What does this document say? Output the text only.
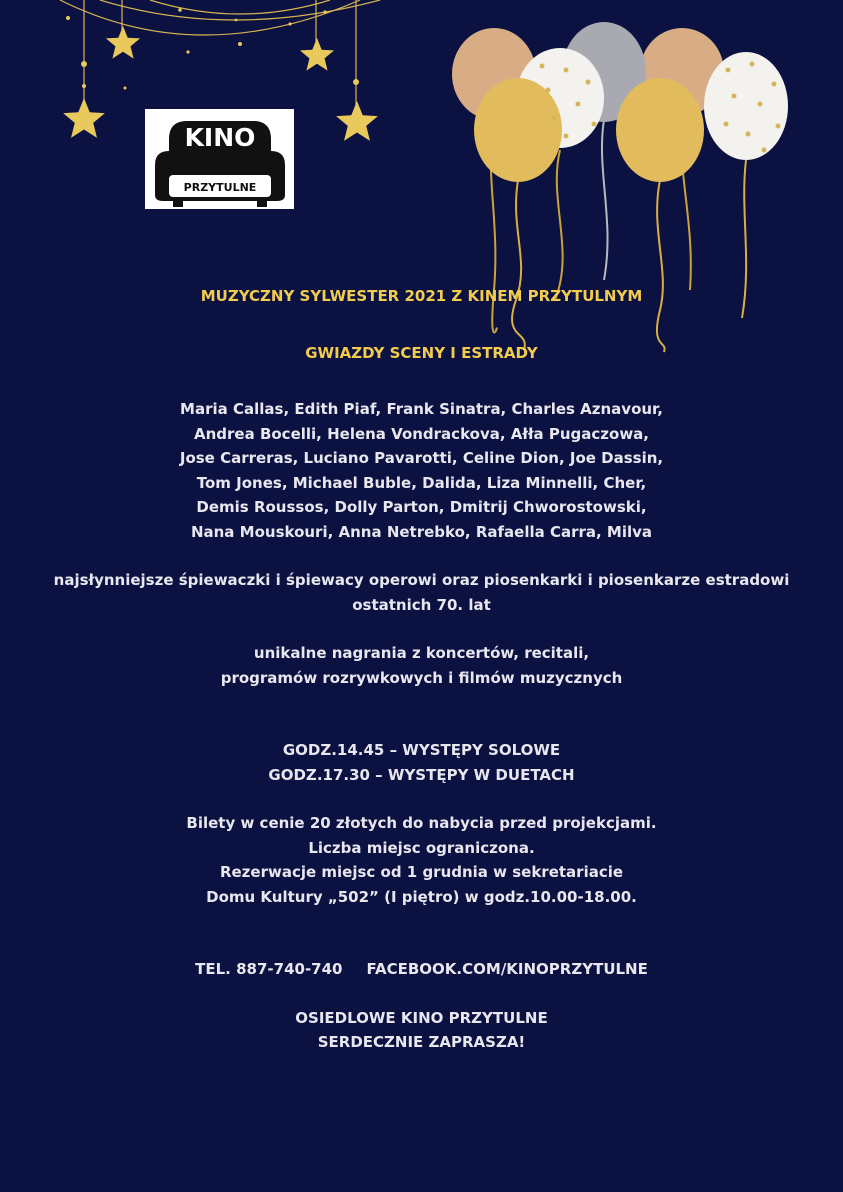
KINO
PRZYTULNE
MUZYCZNY SYLWESTER 2021 Z KINEM PRZYTULNYM
GWIAZDY SCENY I ESTRADY
Maria Callas, Edith Piaf, Frank Sinatra, Charles Aznavour,
Andrea Bocelli, Helena Vondrackova, Ałła Pugaczowa,
Jose Carreras, Luciano Pavarotti, Celine Dion, Joe Dassin,
Tom Jones, Michael Buble, Dalida, Liza Minnelli, Cher,
Demis Roussos, Dolly Parton, Dmitrij Chworostowski,
Nana Mouskouri, Anna Netrebko, Rafaella Carra, Milva
najsłynniejsze śpiewaczki i śpiewacy operowi oraz piosenkarki i piosenkarze estradowi
ostatnich 70. lat
unikalne nagrania z koncertów, recitali,
programów rozrywkowych i filmów muzycznych
GODZ.14.45 – WYSTĘPY SOLOWE
GODZ.17.30 – WYSTĘPY W DUETACH
Bilety w cenie 20 złotych do nabycia przed projekcjami.
Liczba miejsc ograniczona.
Rezerwacje miejsc od 1 grudnia w sekretariacie
Domu Kultury „502” (I piętro) w godz.10.00-18.00.
TEL. 887-740-740 FACEBOOK.COM/KINOPRZYTULNE
OSIEDLOWE KINO PRZYTULNE
SERDECZNIE ZAPRASZA!
